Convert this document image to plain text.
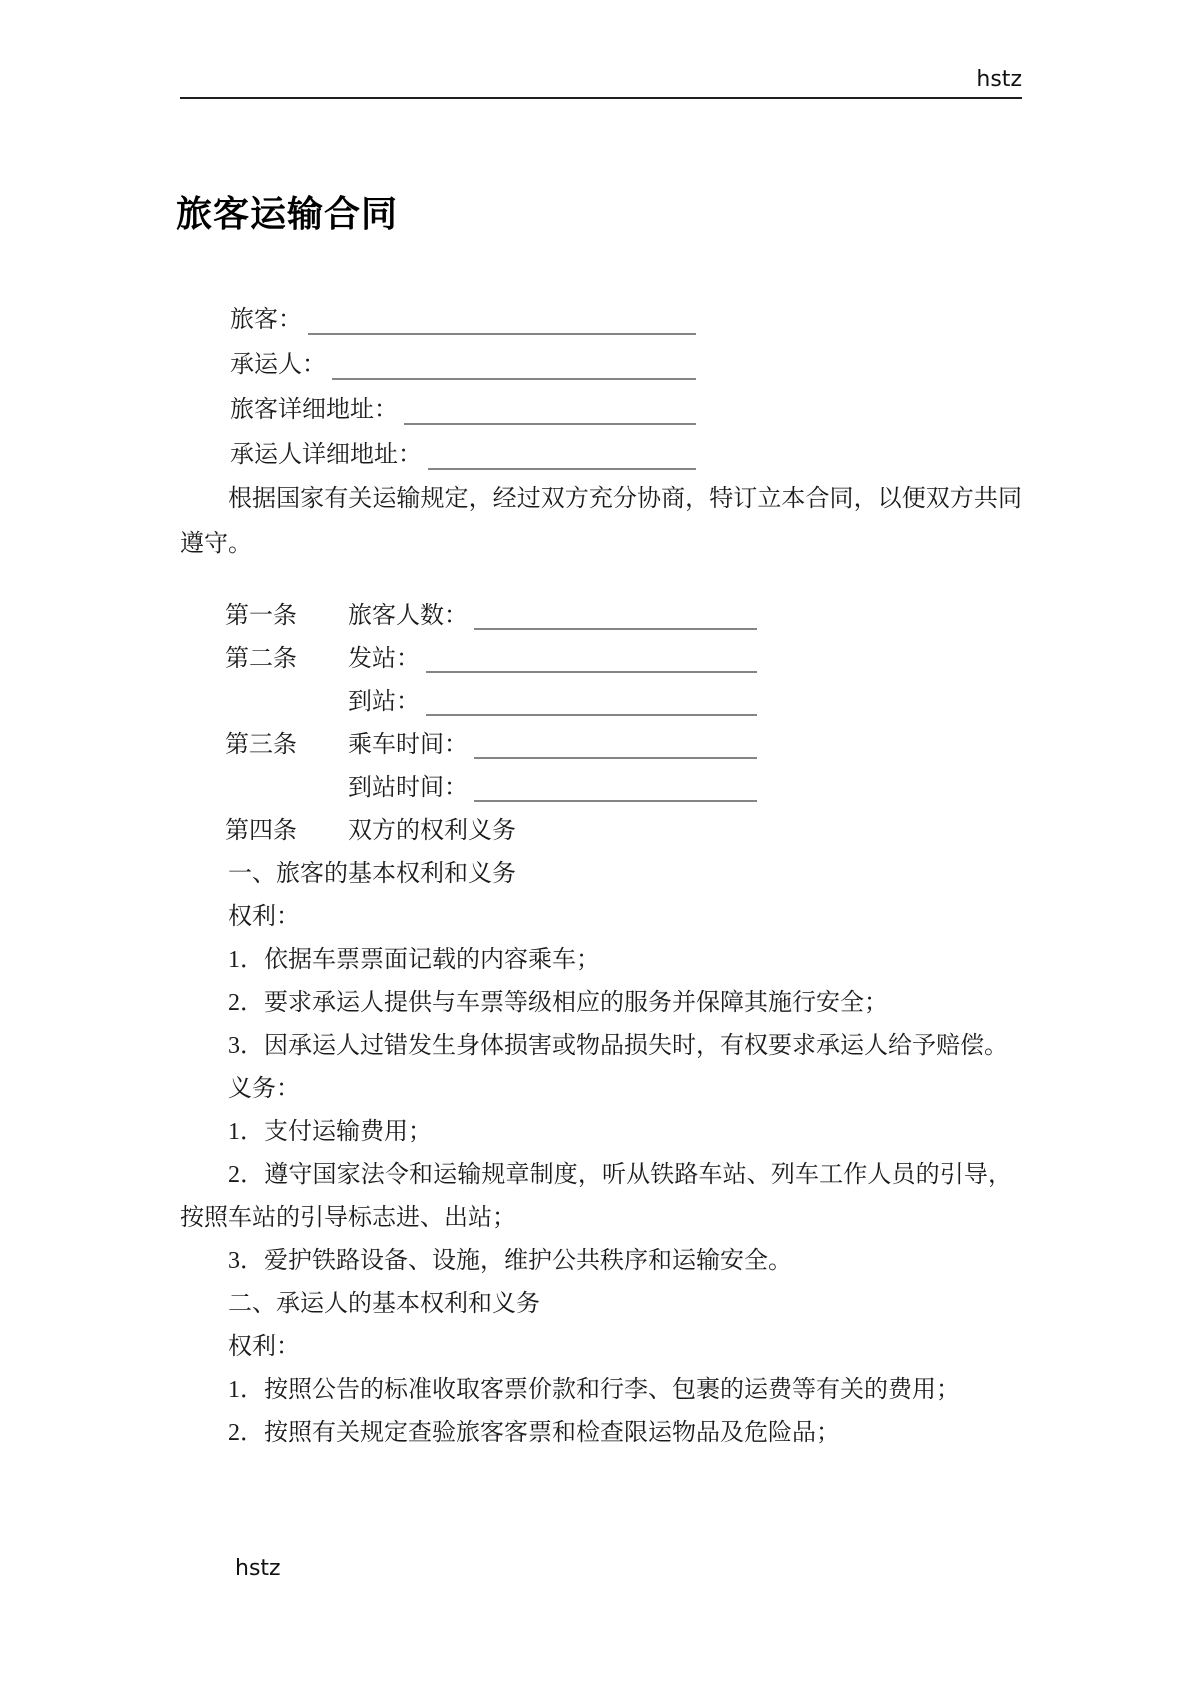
hstz
旅客运输合同
旅客：
承运人：
旅客详细地址：
承运人详细地址：

根据国家有关运输规定，经过双方充分协商，特订立本合同，以便双方共同遵守。

第一条	旅客人数：
第二条	发站：
到站：
第三条	乘车时间：
到站时间：
第四条	双方的权利义务

一、旅客的基本权利和义务

权利：

1．依据车票票面记载的内容乘车；

2．要求承运人提供与车票等级相应的服务并保障其施行安全；

3．因承运人过错发生身体损害或物品损失时，有权要求承运人给予赔偿。

义务：

1．支付运输费用；

2．遵守国家法令和运输规章制度，听从铁路车站、列车工作人员的引导，按照车站的引导标志进、出站；

3．爱护铁路设备、设施，维护公共秩序和运输安全。

二、承运人的基本权利和义务

权利：

1．按照公告的标准收取客票价款和行李、包裹的运费等有关的费用；

2．按照有关规定查验旅客客票和检查限运物品及危险品；

hstz
